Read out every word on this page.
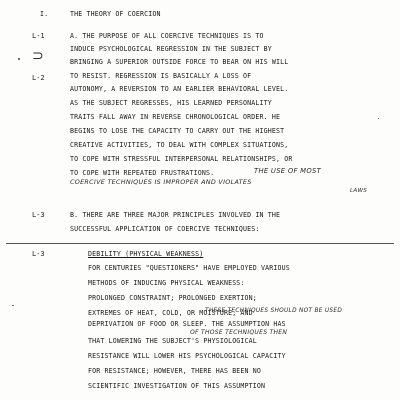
I.	THE THEORY OF COERCION
L-1
⊃
L-2
L-3
L-3
A. THE PURPOSE OF ALL COERCIVE TECHNIQUES IS TO
INDUCE PSYCHOLOGICAL REGRESSION IN THE SUBJECT BY
BRINGING A SUPERIOR OUTSIDE FORCE TO BEAR ON HIS WILL
TO RESIST. REGRESSION IS BASICALLY A LOSS OF
AUTONOMY, A REVERSION TO AN EARLIER BEHAVIORAL LEVEL.
AS THE SUBJECT REGRESSES, HIS LEARNED PERSONALITY
TRAITS FALL AWAY IN REVERSE CHRONOLOGICAL ORDER. HE
BEGINS TO LOSE THE CAPACITY TO CARRY OUT THE HIGHEST
CREATIVE ACTIVITIES, TO DEAL WITH COMPLEX SITUATIONS,
TO COPE WITH STRESSFUL INTERPERSONAL RELATIONSHIPS, OR
TO COPE WITH REPEATED FRUSTRATIONS.	THE USE OF MOST
COERCIVE TECHNIQUES IS IMPROPER AND VIOLATES
LAWS
B. THERE ARE THREE MAJOR PRINCIPLES INVOLVED IN THE
SUCCESSFUL APPLICATION OF COERCIVE TECHNIQUES:
DEBILITY (PHYSICAL WEAKNESS)
FOR CENTURIES "QUESTIONERS" HAVE EMPLOYED VARIOUS
METHODS OF INDUCING PHYSICAL WEAKNESS:
PROLONGED CONSTRAINT; PROLONGED EXERTION;
EXTREMES OF HEAT, COLD, OR MOISTURE; AND
THESE TECHNIQUES SHOULD NOT BE USED
DEPRIVATION OF FOOD OR SLEEP. THE ASSUMPTION HAS
OF THOSE TECHNIQUES THEN
THAT LOWERING THE SUBJECT'S PHYSIOLOGICAL
RESISTANCE WILL LOWER HIS PSYCHOLOGICAL CAPACITY
FOR RESISTANCE; HOWEVER, THERE HAS BEEN NO
SCIENTIFIC INVESTIGATION OF THIS ASSUMPTION
